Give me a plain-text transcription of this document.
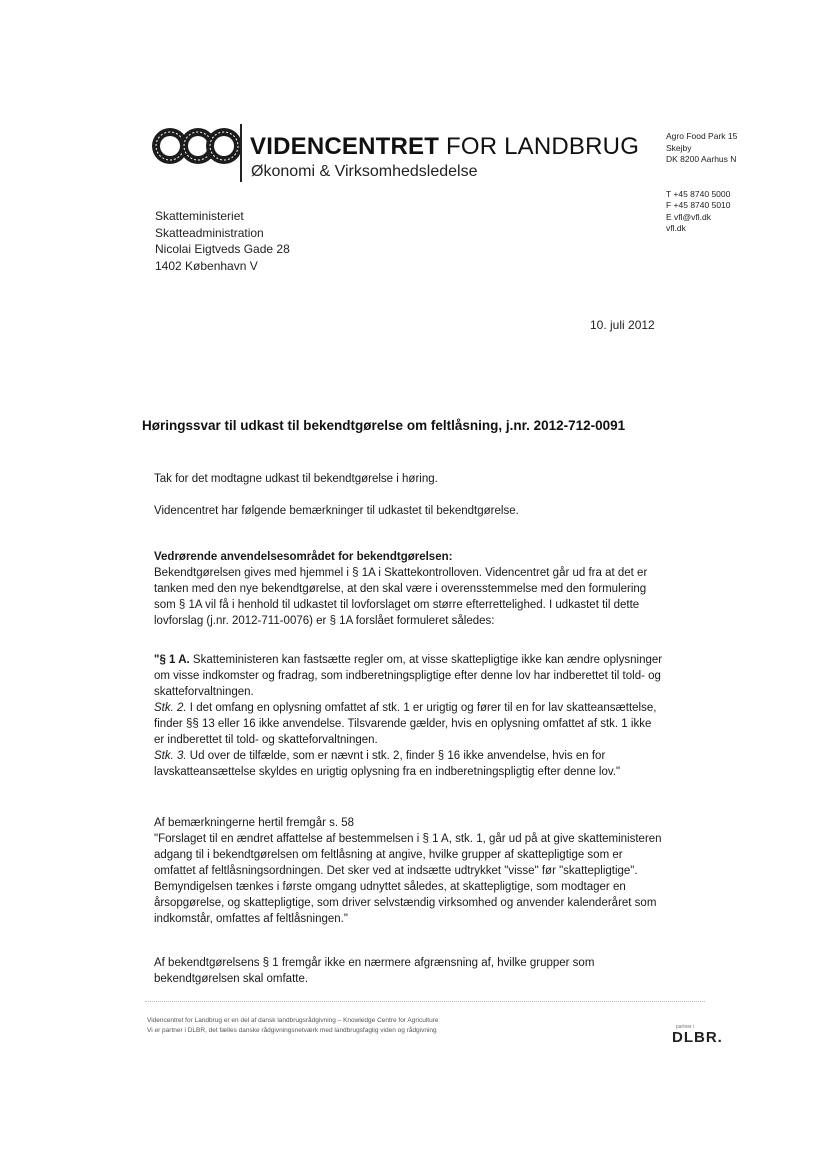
VIDENCENTRET FOR LANDBRUG
Økonomi & Virksomhedsledelse
Agro Food Park 15
Skejby
DK 8200 Aarhus N
T +45 8740 5000
F +45 8740 5010
E vfl@vfl.dk
vfl.dk
Skatteministeriet
Skatteadministration
Nicolai Eigtveds Gade 28
1402 København V
10. juli 2012
Høringssvar til udkast til bekendtgørelse om feltlåsning, j.nr. 2012-712-0091
Tak for det modtagne udkast til bekendtgørelse i høring.
Videncentret har følgende bemærkninger til udkastet til bekendtgørelse.
Vedrørende anvendelsesområdet for bekendtgørelsen:
Bekendtgørelsen gives med hjemmel i § 1A i Skattekontrolloven. Videncentret går ud fra at det er tanken med den nye bekendtgørelse, at den skal være i overensstemmelse med den formulering som § 1A vil få i henhold til udkastet til lovforslaget om større efterrettelighed. I udkastet til dette lovforslag (j.nr. 2012-711-0076) er § 1A forslået formuleret således:
"§ 1 A. Skatteministeren kan fastsætte regler om, at visse skattepligtige ikke kan ændre oplysninger om visse indkomster og fradrag, som indberetningspligtige efter denne lov har indberettet til told- og skatteforvaltningen.
Stk. 2. I det omfang en oplysning omfattet af stk. 1 er urigtig og fører til en for lav skatteansættelse, finder §§ 13 eller 16 ikke anvendelse. Tilsvarende gælder, hvis en oplysning omfattet af stk. 1 ikke er indberettet til told- og skatteforvaltningen.
Stk. 3. Ud over de tilfælde, som er nævnt i stk. 2, finder § 16 ikke anvendelse, hvis en for lavskatteansættelse skyldes en urigtig oplysning fra en indberetningspligtig efter denne lov."
Af bemærkningerne hertil fremgår s. 58
"Forslaget til en ændret affattelse af bestemmelsen i § 1 A, stk. 1, går ud på at give skatteministeren adgang til i bekendtgørelsen om feltlåsning at angive, hvilke grupper af skattepligtige som er omfattet af feltlåsningsordningen. Det sker ved at indsætte udtrykket "visse" før "skattepligtige". Bemyndigelsen tænkes i første omgang udnyttet således, at skattepligtige, som modtager en årsopgørelse, og skattepligtige, som driver selvstændig virksomhed og anvender kalenderåret som indkomstår, omfattes af feltlåsningen."
Af bekendtgørelsens § 1 fremgår ikke en nærmere afgrænsning af, hvilke grupper som bekendtgørelsen skal omfatte.
Videncentret for Landbrug er en del af dansk landbrugsrådgivning – Knowledge Centre for Agriculture
Vi er partner i DLBR, det fælles danske rådgivningsnetværk med landbrugsfaglig viden og rådgivning	partner i
DLBR.
